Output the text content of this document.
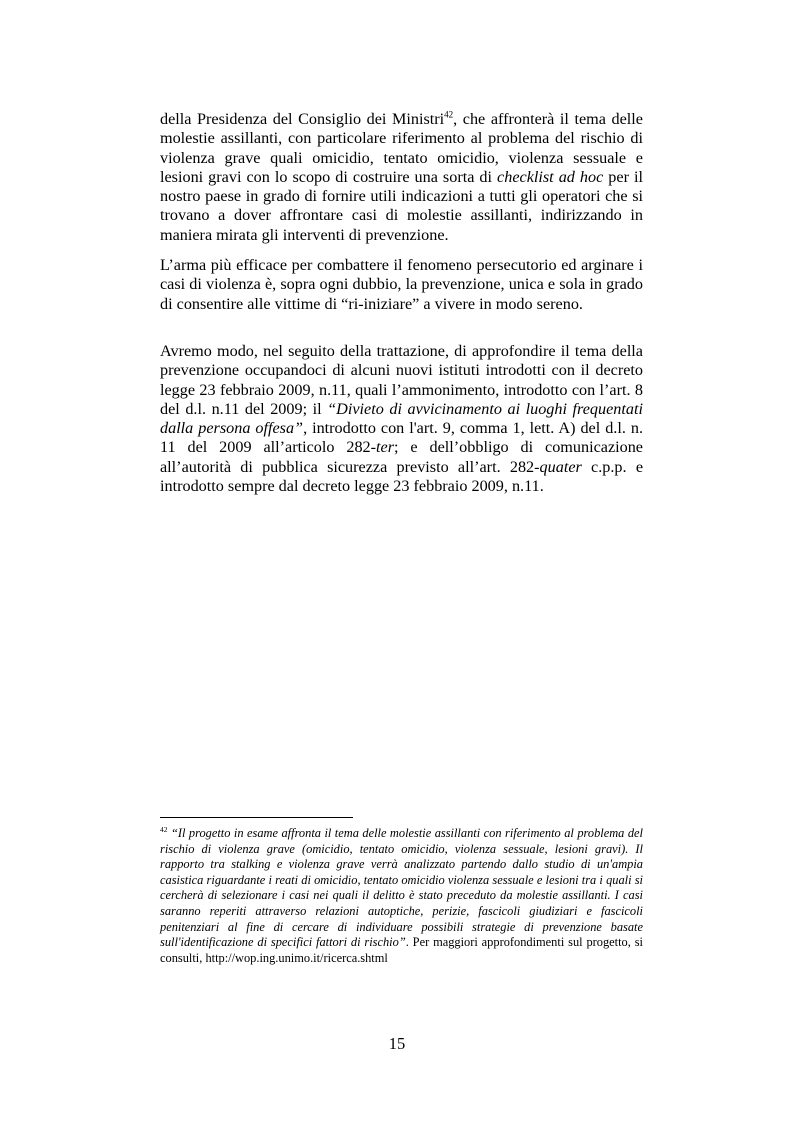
della Presidenza del Consiglio dei Ministri$^{42}$, che affronterà il tema delle molestie assillanti, con particolare riferimento al problema del rischio di violenza grave quali omicidio, tentato omicidio, violenza sessuale e lesioni gravi con lo scopo di costruire una sorta di checklist ad hoc per il nostro paese in grado di fornire utili indicazioni a tutti gli operatori che si trovano a dover affrontare casi di molestie assillanti, indirizzando in maniera mirata gli interventi di prevenzione.

L’arma più efficace per combattere il fenomeno persecutorio ed arginare i casi di violenza è, sopra ogni dubbio, la prevenzione, unica e sola in grado di consentire alle vittime di “ri-iniziare” a vivere in modo sereno.

Avremo modo, nel seguito della trattazione, di approfondire il tema della prevenzione occupandoci di alcuni nuovi istituti introdotti con il decreto legge 23 febbraio 2009, n.11, quali l’ammonimento, introdotto con l’art. 8 del d.l. n.11 del 2009; il “Divieto di avvicinamento ai luoghi frequentati dalla persona offesa”, introdotto con l'art. 9, comma 1, lett. A) del d.l. n. 11 del 2009 all’articolo 282-ter; e dell’obbligo di comunicazione all’autorità di pubblica sicurezza previsto all’art. 282-quater c.p.p. e introdotto sempre dal decreto legge 23 febbraio 2009, n.11.

$^{42}$ “Il progetto in esame affronta il tema delle molestie assillanti con riferimento al problema del rischio di violenza grave (omicidio, tentato omicidio, violenza sessuale, lesioni gravi). Il rapporto tra stalking e violenza grave verrà analizzato partendo dallo studio di un'ampia casistica riguardante i reati di omicidio, tentato omicidio violenza sessuale e lesioni tra i quali si cercherà di selezionare i casi nei quali il delitto è stato preceduto da molestie assillanti. I casi saranno reperiti attraverso relazioni autoptiche, perizie, fascicoli giudiziari e fascicoli penitenziari al fine di cercare di individuare possibili strategie di prevenzione basate sull'identificazione di specifici fattori di rischio”. Per maggiori approfondimenti sul progetto, si consulti, http://wop.ing.unimo.it/ricerca.shtml

15
